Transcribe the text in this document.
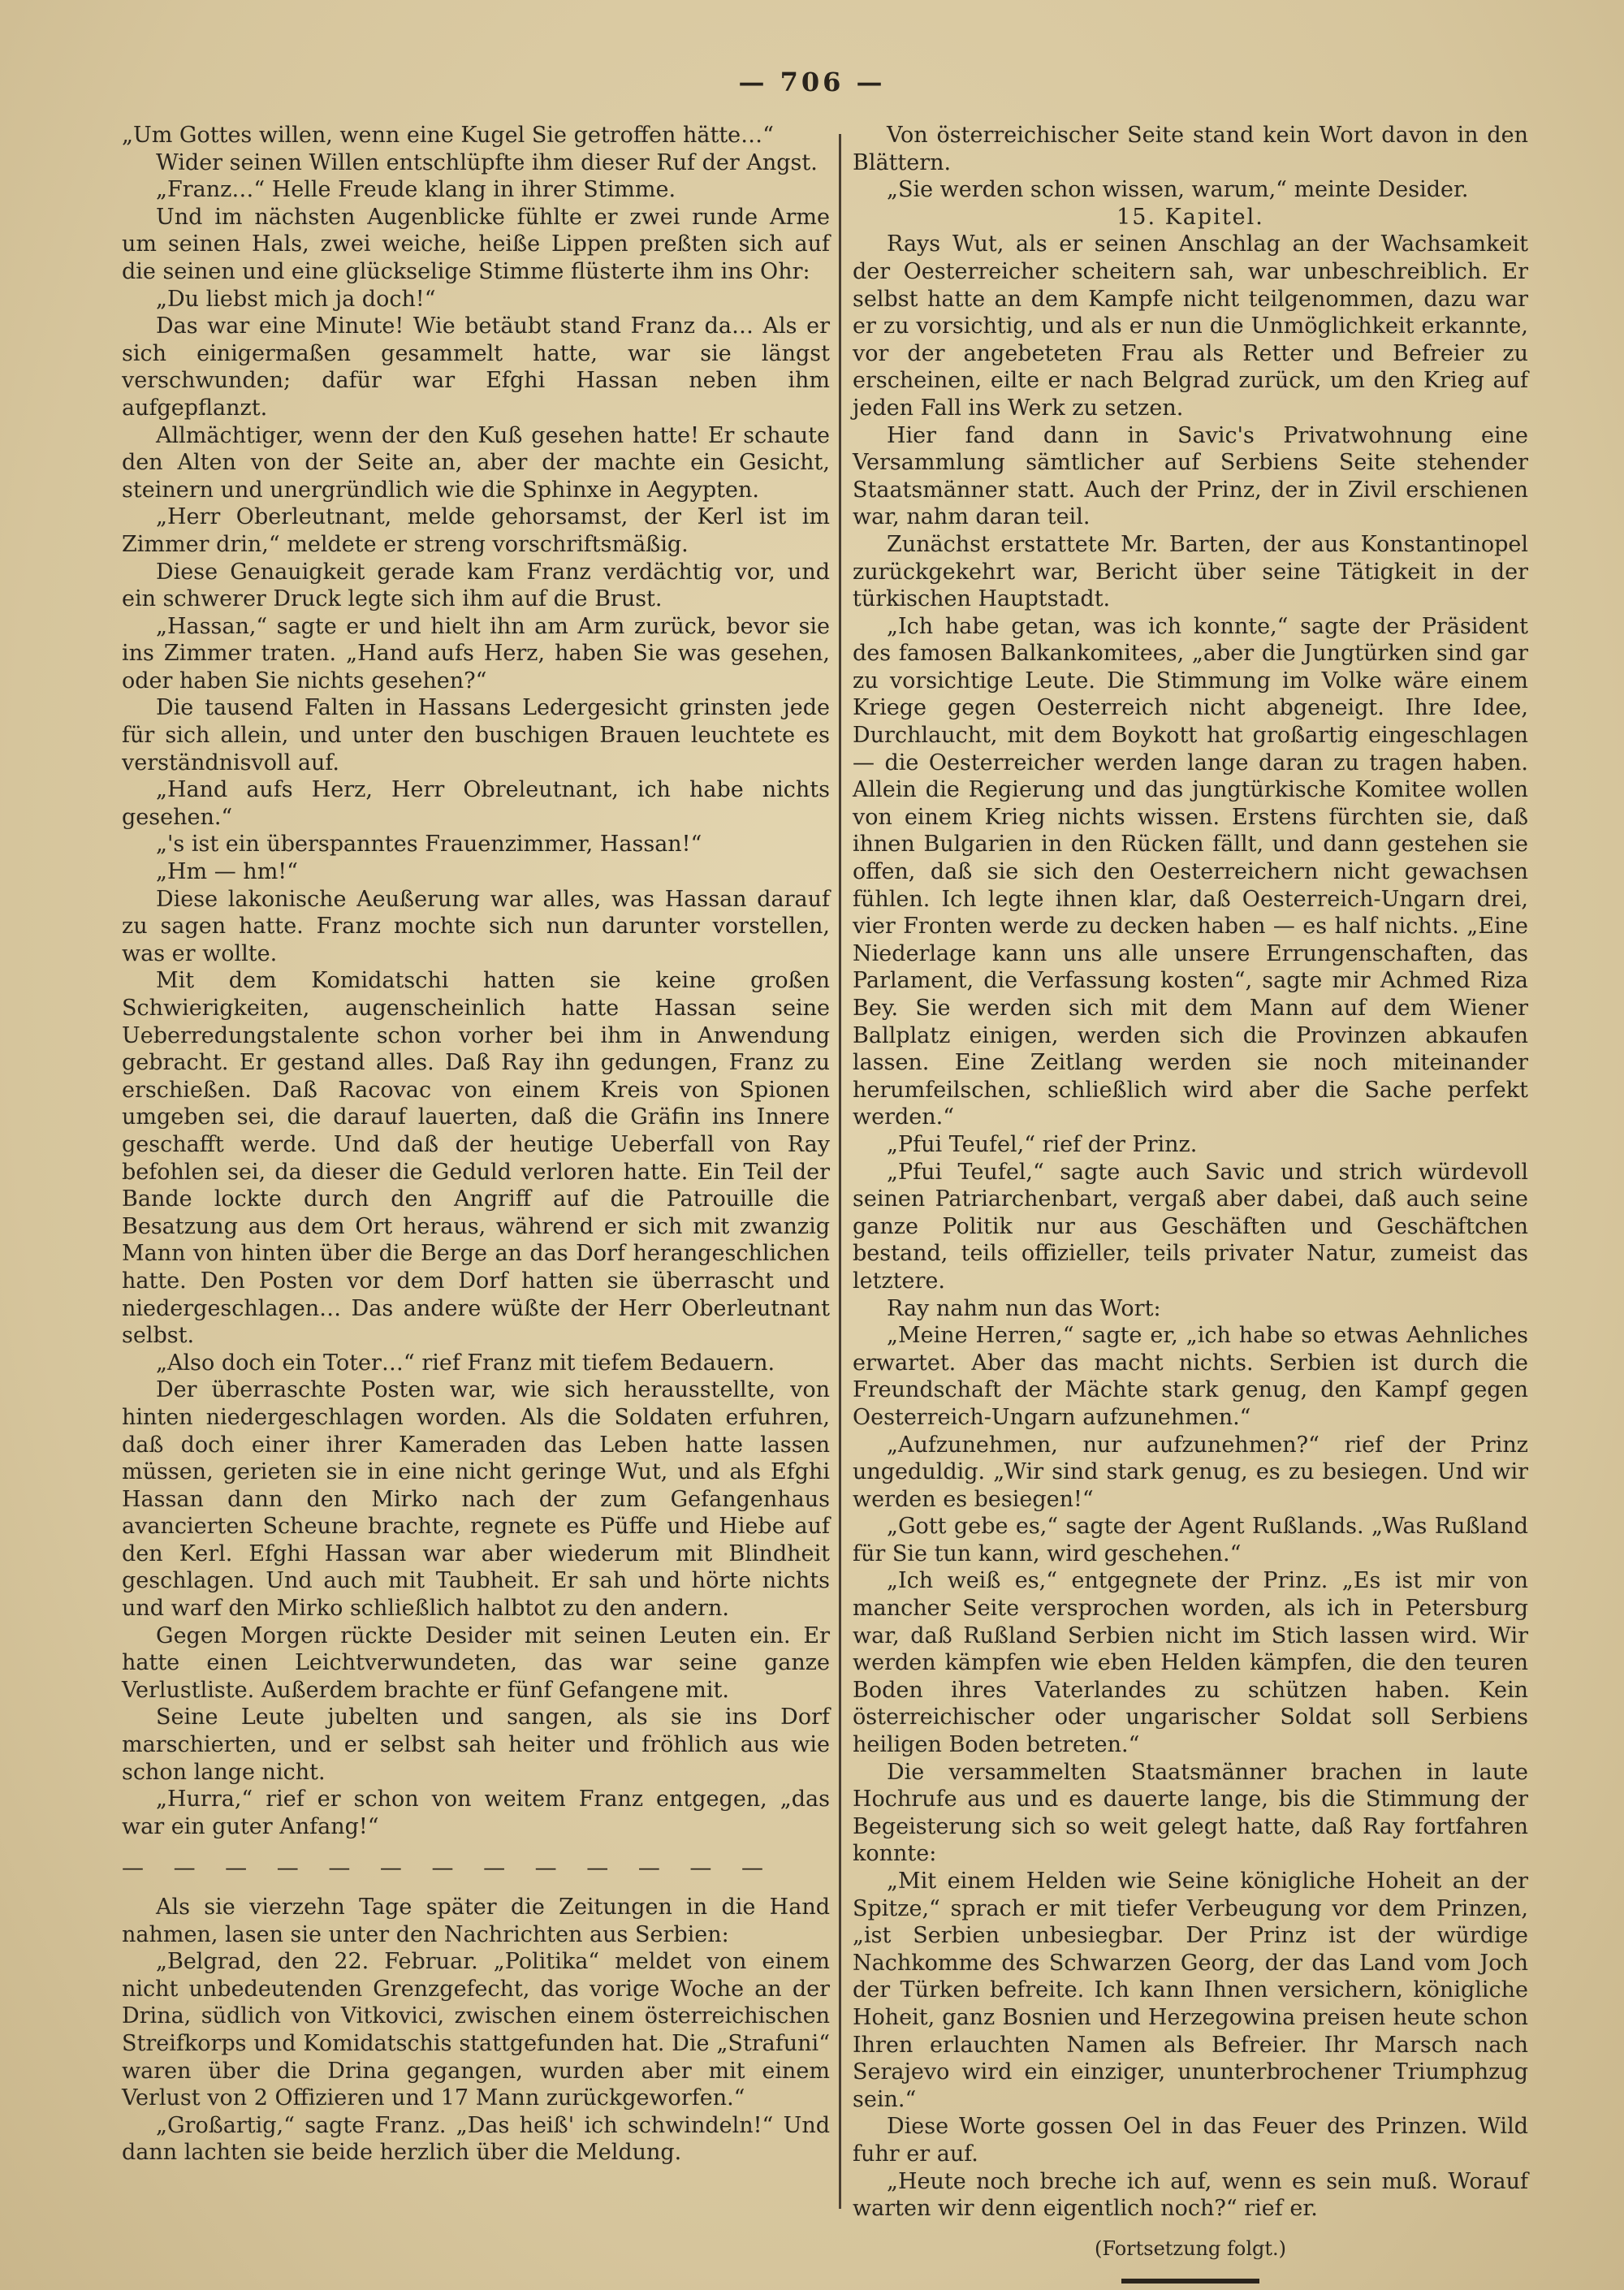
— 706 —

„Um Gottes willen, wenn eine Kugel Sie getroffen hätte…“

Wider seinen Willen entschlüpfte ihm dieser Ruf der Angst.

„Franz…“ Helle Freude klang in ihrer Stimme.

Und im nächsten Augenblicke fühlte er zwei runde Arme um seinen Hals, zwei weiche, heiße Lippen preßten sich auf die seinen und eine glückselige Stimme flüsterte ihm ins Ohr:

„Du liebst mich ja doch!“

Das war eine Minute! Wie betäubt stand Franz da… Als er sich einigermaßen gesammelt hatte, war sie längst verschwunden; dafür war Efghi Hassan neben ihm aufgepflanzt.

Allmächtiger, wenn der den Kuß gesehen hatte! Er schaute den Alten von der Seite an, aber der machte ein Gesicht, steinern und unergründlich wie die Sphinxe in Aegypten.

„Herr Oberleutnant, melde gehorsamst, der Kerl ist im Zimmer drin,“ meldete er streng vorschriftsmäßig.

Diese Genauigkeit gerade kam Franz verdächtig vor, und ein schwerer Druck legte sich ihm auf die Brust.

„Hassan,“ sagte er und hielt ihn am Arm zurück, bevor sie ins Zimmer traten. „Hand aufs Herz, haben Sie was gesehen, oder haben Sie nichts gesehen?“

Die tausend Falten in Hassans Ledergesicht grinsten jede für sich allein, und unter den buschigen Brauen leuchtete es verständnisvoll auf.

„Hand aufs Herz, Herr Obreleutnant, ich habe nichts gesehen.“

„'s ist ein überspanntes Frauenzimmer, Hassan!“

„Hm — hm!“

Diese lakonische Aeußerung war alles, was Hassan darauf zu sagen hatte. Franz mochte sich nun darunter vorstellen, was er wollte.

Mit dem Komidatschi hatten sie keine großen Schwierigkeiten, augenscheinlich hatte Hassan seine Ueberredungstalente schon vorher bei ihm in Anwendung gebracht. Er gestand alles. Daß Ray ihn gedungen, Franz zu erschießen. Daß Racovac von einem Kreis von Spionen umgeben sei, die darauf lauerten, daß die Gräfin ins Innere geschafft werde. Und daß der heutige Ueberfall von Ray befohlen sei, da dieser die Geduld verloren hatte. Ein Teil der Bande lockte durch den Angriff auf die Patrouille die Besatzung aus dem Ort heraus, während er sich mit zwanzig Mann von hinten über die Berge an das Dorf herangeschlichen hatte. Den Posten vor dem Dorf hatten sie überrascht und niedergeschlagen… Das andere wüßte der Herr Oberleutnant selbst.

„Also doch ein Toter…“ rief Franz mit tiefem Bedauern.

Der überraschte Posten war, wie sich herausstellte, von hinten niedergeschlagen worden. Als die Soldaten erfuhren, daß doch einer ihrer Kameraden das Leben hatte lassen müssen, gerieten sie in eine nicht geringe Wut, und als Efghi Hassan dann den Mirko nach der zum Gefangenhaus avancierten Scheune brachte, regnete es Püffe und Hiebe auf den Kerl. Efghi Hassan war aber wiederum mit Blindheit geschlagen. Und auch mit Taubheit. Er sah und hörte nichts und warf den Mirko schließlich halbtot zu den andern.

Gegen Morgen rückte Desider mit seinen Leuten ein. Er hatte einen Leichtverwundeten, das war seine ganze Verlustliste. Außerdem brachte er fünf Gefangene mit.

Seine Leute jubelten und sangen, als sie ins Dorf marschierten, und er selbst sah heiter und fröhlich aus wie schon lange nicht.

„Hurra,“ rief er schon von weitem Franz entgegen, „das war ein guter Anfang!“

— — — — — — — — — — — — —

Als sie vierzehn Tage später die Zeitungen in die Hand nahmen, lasen sie unter den Nachrichten aus Serbien:

„Belgrad, den 22. Februar. „Politika“ meldet von einem nicht unbedeutenden Grenzgefecht, das vorige Woche an der Drina, südlich von Vitkovici, zwischen einem österreichischen Streifkorps und Komidatschis stattgefunden hat. Die „Strafuni“ waren über die Drina gegangen, wurden aber mit einem Verlust von 2 Offizieren und 17 Mann zurückgeworfen.“

„Großartig,“ sagte Franz. „Das heiß' ich schwindeln!“ Und dann lachten sie beide herzlich über die Meldung.

Von österreichischer Seite stand kein Wort davon in den Blättern.

„Sie werden schon wissen, warum,“ meinte Desider.

15. Kapitel.

Rays Wut, als er seinen Anschlag an der Wachsamkeit der Oesterreicher scheitern sah, war unbeschreiblich. Er selbst hatte an dem Kampfe nicht teilgenommen, dazu war er zu vorsichtig, und als er nun die Unmöglichkeit erkannte, vor der angebeteten Frau als Retter und Befreier zu erscheinen, eilte er nach Belgrad zurück, um den Krieg auf jeden Fall ins Werk zu setzen.

Hier fand dann in Savic's Privatwohnung eine Versammlung sämtlicher auf Serbiens Seite stehender Staatsmänner statt. Auch der Prinz, der in Zivil erschienen war, nahm daran teil.

Zunächst erstattete Mr. Barten, der aus Konstantinopel zurückgekehrt war, Bericht über seine Tätigkeit in der türkischen Hauptstadt.

„Ich habe getan, was ich konnte,“ sagte der Präsident des famosen Balkankomitees, „aber die Jungtürken sind gar zu vorsichtige Leute. Die Stimmung im Volke wäre einem Kriege gegen Oesterreich nicht abgeneigt. Ihre Idee, Durchlaucht, mit dem Boykott hat großartig eingeschlagen — die Oesterreicher werden lange daran zu tragen haben. Allein die Regierung und das jungtürkische Komitee wollen von einem Krieg nichts wissen. Erstens fürchten sie, daß ihnen Bulgarien in den Rücken fällt, und dann gestehen sie offen, daß sie sich den Oesterreichern nicht gewachsen fühlen. Ich legte ihnen klar, daß Oesterreich-Ungarn drei, vier Fronten werde zu decken haben — es half nichts. „Eine Niederlage kann uns alle unsere Errungenschaften, das Parlament, die Verfassung kosten“, sagte mir Achmed Riza Bey. Sie werden sich mit dem Mann auf dem Wiener Ballplatz einigen, werden sich die Provinzen abkaufen lassen. Eine Zeitlang werden sie noch miteinander herumfeilschen, schließlich wird aber die Sache perfekt werden.“

„Pfui Teufel,“ rief der Prinz.

„Pfui Teufel,“ sagte auch Savic und strich würdevoll seinen Patriarchenbart, vergaß aber dabei, daß auch seine ganze Politik nur aus Geschäften und Geschäftchen bestand, teils offizieller, teils privater Natur, zumeist das letztere.

Ray nahm nun das Wort:

„Meine Herren,“ sagte er, „ich habe so etwas Aehnliches erwartet. Aber das macht nichts. Serbien ist durch die Freundschaft der Mächte stark genug, den Kampf gegen Oesterreich-Ungarn aufzunehmen.“

„Aufzunehmen, nur aufzunehmen?“ rief der Prinz ungeduldig. „Wir sind stark genug, es zu besiegen. Und wir werden es besiegen!“

„Gott gebe es,“ sagte der Agent Rußlands. „Was Rußland für Sie tun kann, wird geschehen.“

„Ich weiß es,“ entgegnete der Prinz. „Es ist mir von mancher Seite versprochen worden, als ich in Petersburg war, daß Rußland Serbien nicht im Stich lassen wird. Wir werden kämpfen wie eben Helden kämpfen, die den teuren Boden ihres Vaterlandes zu schützen haben. Kein österreichischer oder ungarischer Soldat soll Serbiens heiligen Boden betreten.“

Die versammelten Staatsmänner brachen in laute Hochrufe aus und es dauerte lange, bis die Stimmung der Begeisterung sich so weit gelegt hatte, daß Ray fortfahren konnte:

„Mit einem Helden wie Seine königliche Hoheit an der Spitze,“ sprach er mit tiefer Verbeugung vor dem Prinzen, „ist Serbien unbesiegbar. Der Prinz ist der würdige Nachkomme des Schwarzen Georg, der das Land vom Joch der Türken befreite. Ich kann Ihnen versichern, königliche Hoheit, ganz Bosnien und Herzegowina preisen heute schon Ihren erlauchten Namen als Befreier. Ihr Marsch nach Serajevo wird ein einziger, ununterbrochener Triumphzug sein.“

Diese Worte gossen Oel in das Feuer des Prinzen. Wild fuhr er auf.

„Heute noch breche ich auf, wenn es sein muß. Worauf warten wir denn eigentlich noch?“ rief er.

(Fortsetzung folgt.)
